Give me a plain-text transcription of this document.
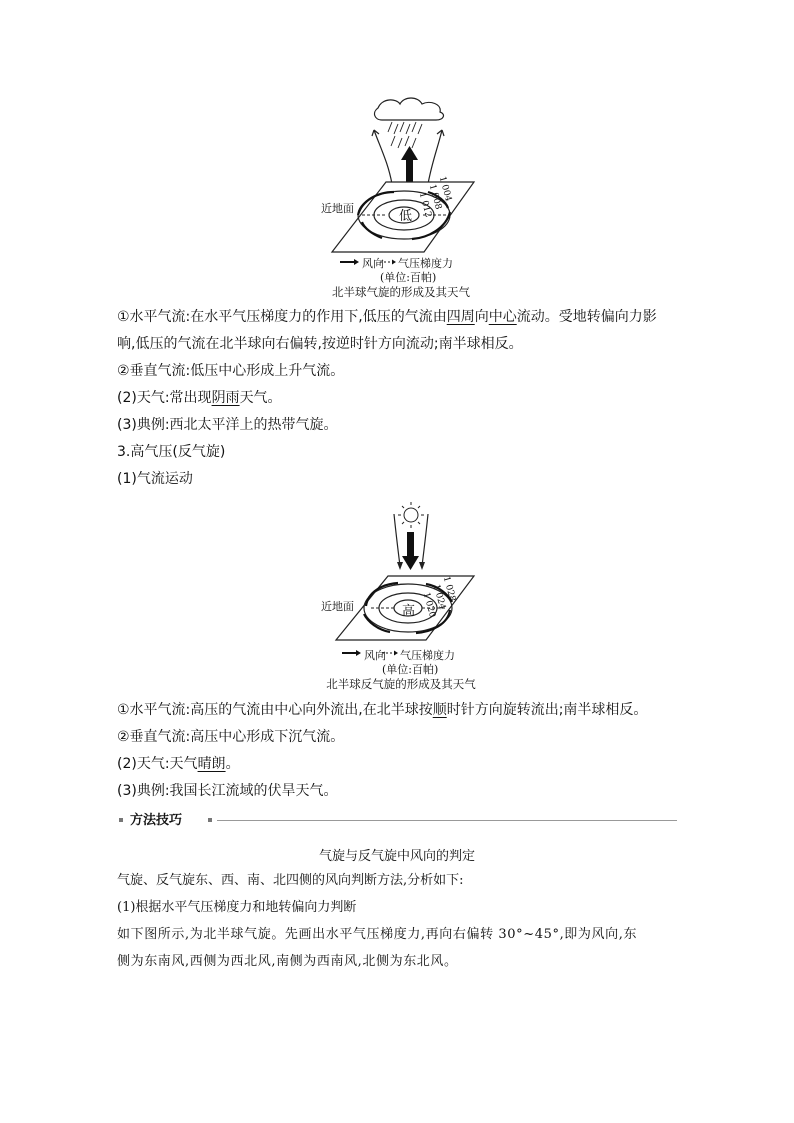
近地面
低
1 004
1 008
1 012
风向 气压梯度力
(单位:百帕)
北半球气旋的形成及其天气
①水平气流:在水平气压梯度力的作用下,低压的气流由四周向中心流动。受地转偏向力影
响,低压的气流在北半球向右偏转,按逆时针方向流动;南半球相反。
②垂直气流:低压中心形成上升气流。
(2)天气:常出现阴雨天气。
(3)典例:西北太平洋上的热带气旋。
3.高气压(反气旋)
(1)气流运动
近地面	高
1 028
1 024
1 020
风向 气压梯度力
(单位:百帕)
北半球反气旋的形成及其天气
①水平气流:高压的气流由中心向外流出,在北半球按顺时针方向旋转流出;南半球相反。
②垂直气流:高压中心形成下沉气流。
(2)天气:天气晴朗。
(3)典例:我国长江流域的伏旱天气。
方法技巧
气旋与反气旋中风向的判定
气旋、反气旋东、西、南、北四侧的风向判断方法,分析如下:
(1)根据水平气压梯度力和地转偏向力判断
如下图所示,为北半球气旋。先画出水平气压梯度力,再向右偏转 30°~45°,即为风向,东
侧为东南风,西侧为西北风,南侧为西南风,北侧为东北风。
